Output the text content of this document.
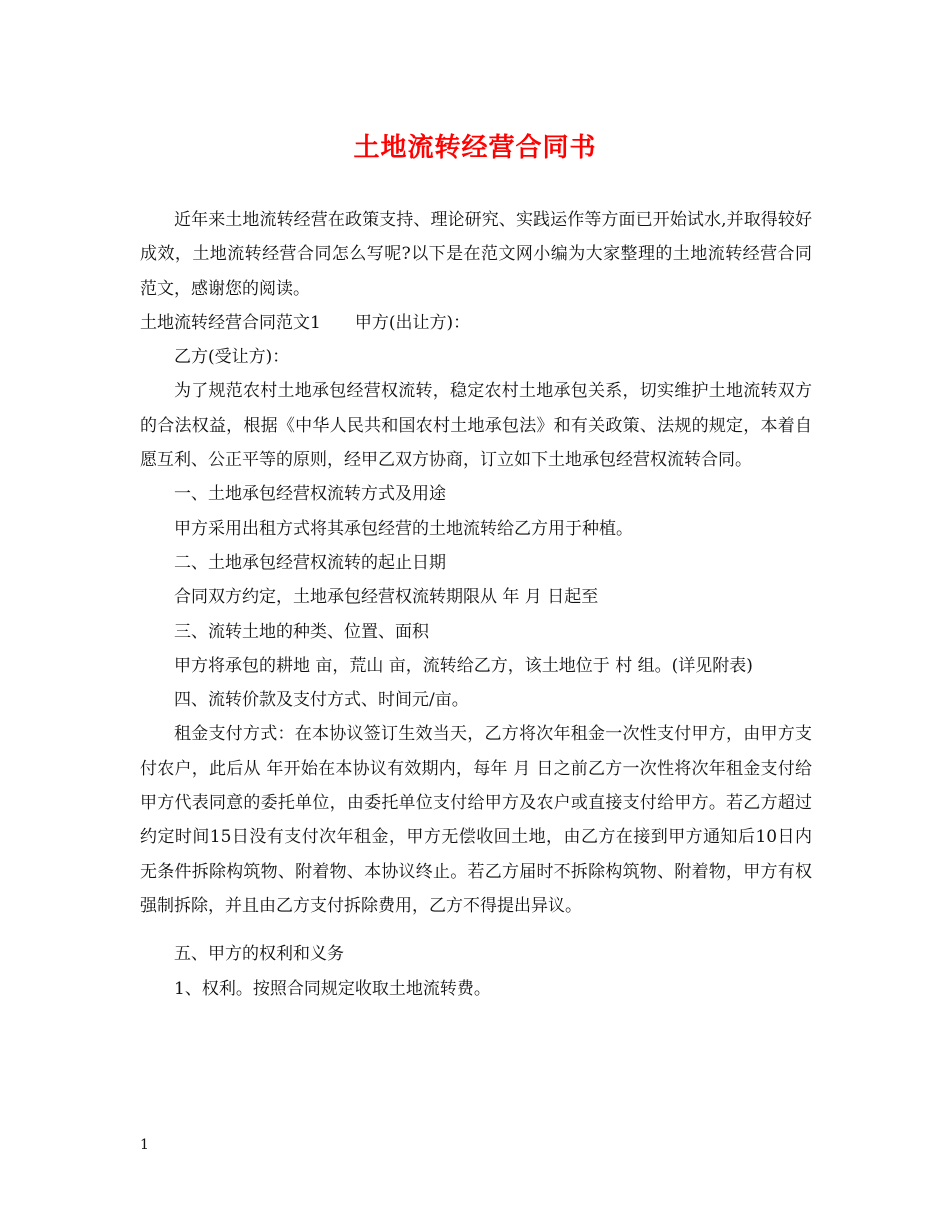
土地流转经营合同书

近年来土地流转经营在政策支持、理论研究、实践运作等方面已开始试水,并取得较好成效，土地流转经营合同怎么写呢?以下是在范文网小编为大家整理的土地流转经营合同范文，感谢您的阅读。

土地流转经营合同范文1　　甲方(出让方)：

乙方(受让方)：

为了规范农村土地承包经营权流转，稳定农村土地承包关系，切实维护土地流转双方的合法权益，根据《中华人民共和国农村土地承包法》和有关政策、法规的规定，本着自愿互利、公正平等的原则，经甲乙双方协商，订立如下土地承包经营权流转合同。

一、土地承包经营权流转方式及用途

甲方采用出租方式将其承包经营的土地流转给乙方用于种植。

二、土地承包经营权流转的起止日期

合同双方约定，土地承包经营权流转期限从 年 月 日起至

三、流转土地的种类、位置、面积

甲方将承包的耕地 亩，荒山 亩，流转给乙方，该土地位于 村 组。(详见附表)

四、流转价款及支付方式、时间元/亩。

租金支付方式：在本协议签订生效当天，乙方将次年租金一次性支付甲方，由甲方支付农户，此后从 年开始在本协议有效期内，每年 月 日之前乙方一次性将次年租金支付给甲方代表同意的委托单位，由委托单位支付给甲方及农户或直接支付给甲方。若乙方超过约定时间15日没有支付次年租金，甲方无偿收回土地，由乙方在接到甲方通知后10日内无条件拆除构筑物、附着物、本协议终止。若乙方届时不拆除构筑物、附着物，甲方有权强制拆除，并且由乙方支付拆除费用，乙方不得提出异议。

五、甲方的权利和义务

1、权利。按照合同规定收取土地流转费。

1
